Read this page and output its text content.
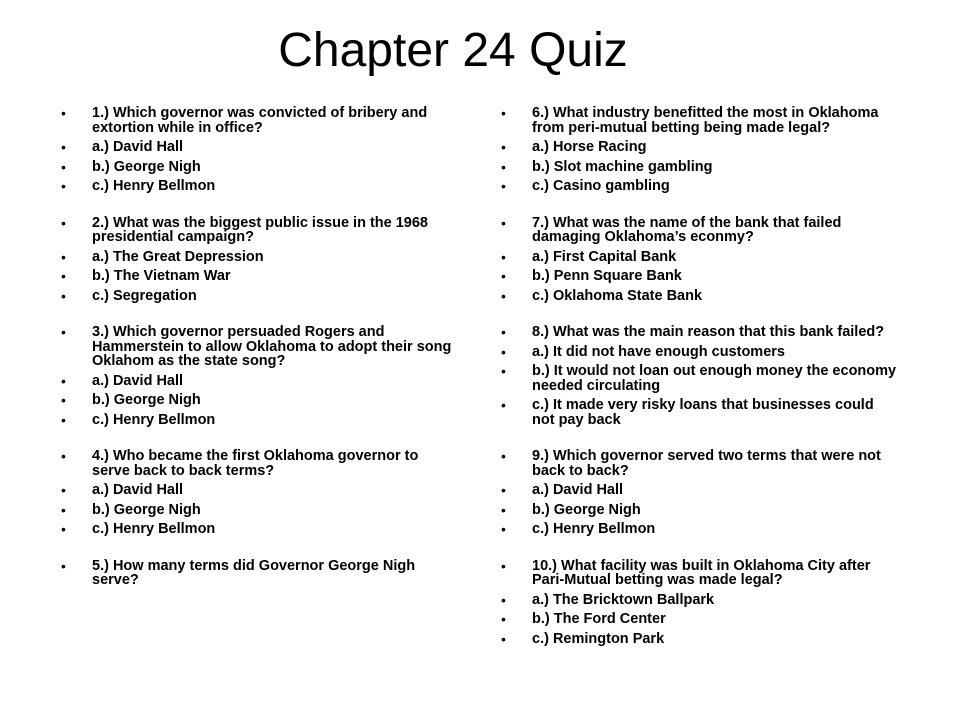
Chapter 24 Quiz
• 1.) Which governor was convicted of bribery and extortion while in office?
• a.) David Hall
• b.) George Nigh
• c.) Henry Bellmon
• 2.) What was the biggest public issue in the 1968 presidential campaign?
• a.) The Great Depression
• b.) The Vietnam War
• c.) Segregation
• 3.) Which governor persuaded Rogers and Hammerstein to allow Oklahoma to adopt their song Oklahom as the state song?
• a.) David Hall
• b.) George Nigh
• c.) Henry Bellmon
• 4.) Who became the first Oklahoma governor to serve back to back terms?
• a.) David Hall
• b.) George Nigh
• c.) Henry Bellmon
• 5.) How many terms did Governor George Nigh serve?
• 6.) What industry benefitted the most in Oklahoma from peri-mutual betting being made legal?
• a.) Horse Racing
• b.) Slot machine gambling
• c.) Casino gambling
• 7.) What was the name of the bank that failed damaging Oklahoma’s econmy?
• a.) First Capital Bank
• b.) Penn Square Bank
• c.) Oklahoma State Bank
• 8.) What was the main reason that this bank failed?
• a.) It did not have enough customers
• b.) It would not loan out enough money the economy needed circulating
• c.) It made very risky loans that businesses could not pay back
• 9.) Which governor served two terms that were not back to back?
• a.) David Hall
• b.) George Nigh
• c.) Henry Bellmon
• 10.) What facility was built in Oklahoma City after Pari-Mutual betting was made legal?
• a.) The Bricktown Ballpark
• b.) The Ford Center
• c.) Remington Park
